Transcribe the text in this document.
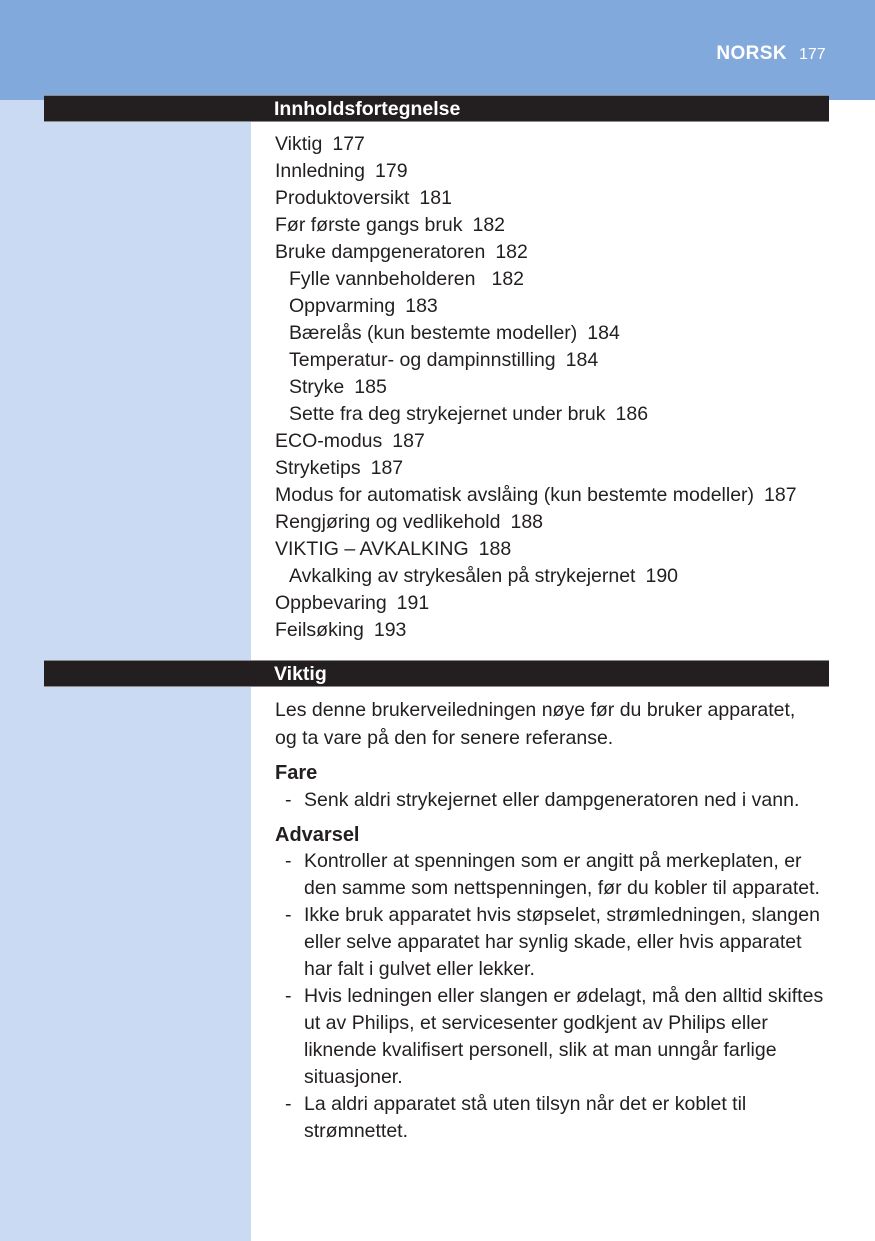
NORSK 177
Innholdsfortegnelse
Viktig 177
Innledning 179
Produktoversikt 181
Før første gangs bruk 182
Bruke dampgeneratoren 182
Fylle vannbeholderen 182
Oppvarming 183
Bærelås (kun bestemte modeller) 184
Temperatur- og dampinnstilling 184
Stryke 185
Sette fra deg strykejernet under bruk 186
ECO-modus 187
Stryketips 187
Modus for automatisk avslåing (kun bestemte modeller) 187
Rengjøring og vedlikehold 188
VIKTIG – AVKALKING 188
Avkalking av strykesålen på strykejernet 190
Oppbevaring 191
Feilsøking 193
Viktig
Les denne brukerveiledningen nøye før du bruker apparatet,
og ta vare på den for senere referanse.
Fare
- Senk aldri strykejernet eller dampgeneratoren ned i vann.
Advarsel
- Kontroller at spenningen som er angitt på merkeplaten, er den samme som nettspenningen, før du kobler til apparatet.
- Ikke bruk apparatet hvis støpselet, strømledningen, slangen eller selve apparatet har synlig skade, eller hvis apparatet har falt i gulvet eller lekker.
- Hvis ledningen eller slangen er ødelagt, må den alltid skiftes ut av Philips, et servicesenter godkjent av Philips eller liknende kvalifisert personell, slik at man unngår farlige situasjoner.
- La aldri apparatet stå uten tilsyn når det er koblet til strømnettet.
